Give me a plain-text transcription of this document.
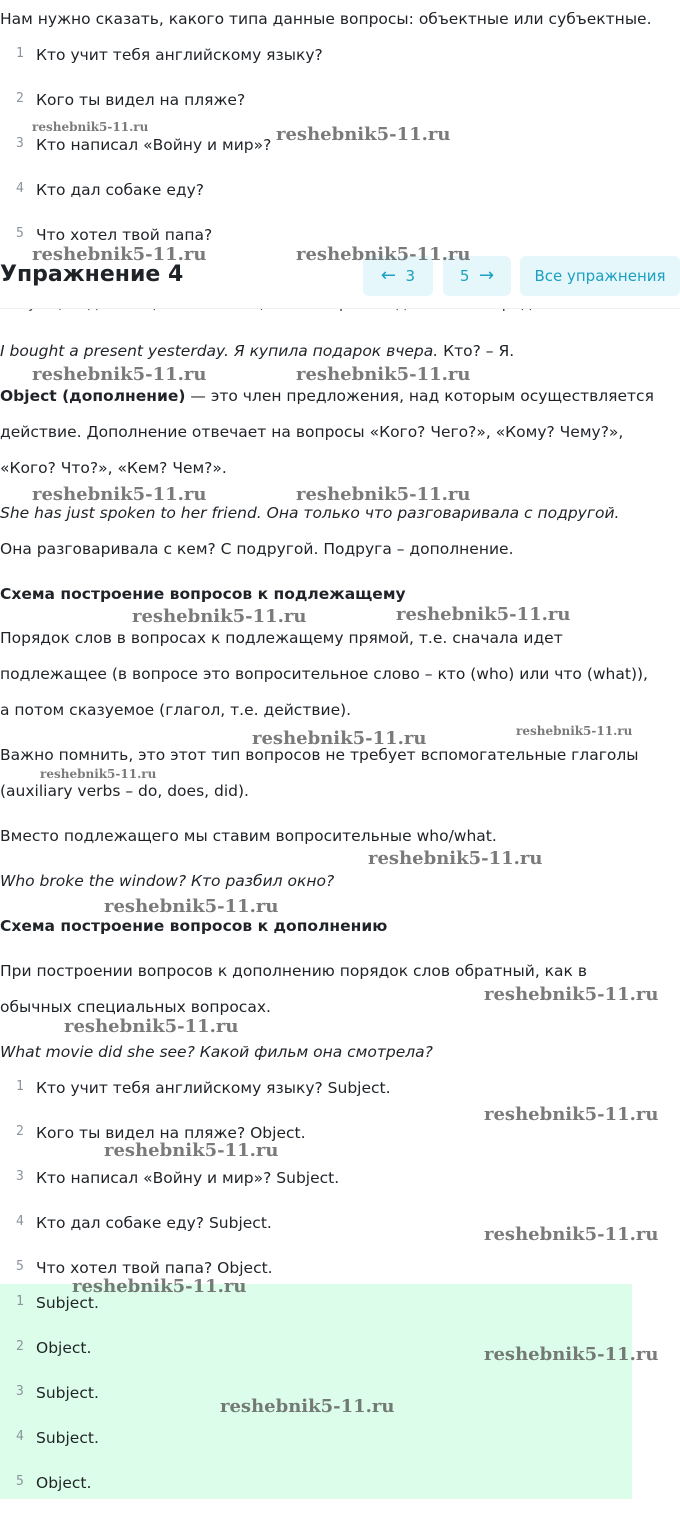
Нам нужно сказать, какого типа данные вопросы: объектные или субъектные.
1 Кто учит тебя английскому языку?
2 Кого ты видел на пляже?
3 Кто написал «Войну и мир»?
4 Кто дал собаке еду?
5 Что хотел твой папа?
Упражнение 4	← 3	5 →	Все упражнения
I bought a present yesterday. Я купила подарок вчера. Кто? – Я.
Object (дополнение) — это член предложения, над которым осуществляется
действие. Дополнение отвечает на вопросы «Кого? Чего?», «Кому? Чему?»,
«Кого? Что?», «Кем? Чем?».
She has just spoken to her friend. Она только что разговаривала с подругой.
Она разговаривала с кем? С подругой. Подруга – дополнение.
Схема построение вопросов к подлежащему
Порядок слов в вопросах к подлежащему прямой, т.е. сначала идет
подлежащее (в вопросе это вопросительное слово – кто (who) или что (what)),
а потом сказуемое (глагол, т.е. действие).
Важно помнить, это этот тип вопросов не требует вспомогательные глаголы
(auxiliary verbs – do, does, did).
Вместо подлежащего мы ставим вопросительные who/what.
Who broke the window? Кто разбил окно?
Схема построение вопросов к дополнению
При построении вопросов к дополнению порядок слов обратный, как в
обычных специальных вопросах.
What movie did she see? Какой фильм она смотрела?
1 Кто учит тебя английскому языку? Subject.
2 Кого ты видел на пляже? Object.
3 Кто написал «Войну и мир»? Subject.
4 Кто дал собаке еду? Subject.
5 Что хотел твой папа? Object.
1 Subject.
2 Object.
3 Subject.
4 Subject.
5 Object.
reshebnik5-11.ru	reshebnik5-11.ru
reshebnik5-11.ru	reshebnik5-11.ru
reshebnik5-11.ru	reshebnik5-11.ru
reshebnik5-11.ru	reshebnik5-11.ru
reshebnik5-11.ru	reshebnik5-11.ru
reshebnik5-11.ru	reshebnik5-11.ru
reshebnik5-11.ru
reshebnik5-11.ru
reshebnik5-11.ru
reshebnik5-11.ru
reshebnik5-11.ru
reshebnik5-11.ru
reshebnik5-11.ru
reshebnik5-11.ru
reshebnik5-11.ru
reshebnik5-11.ru
reshebnik5-11.ru
